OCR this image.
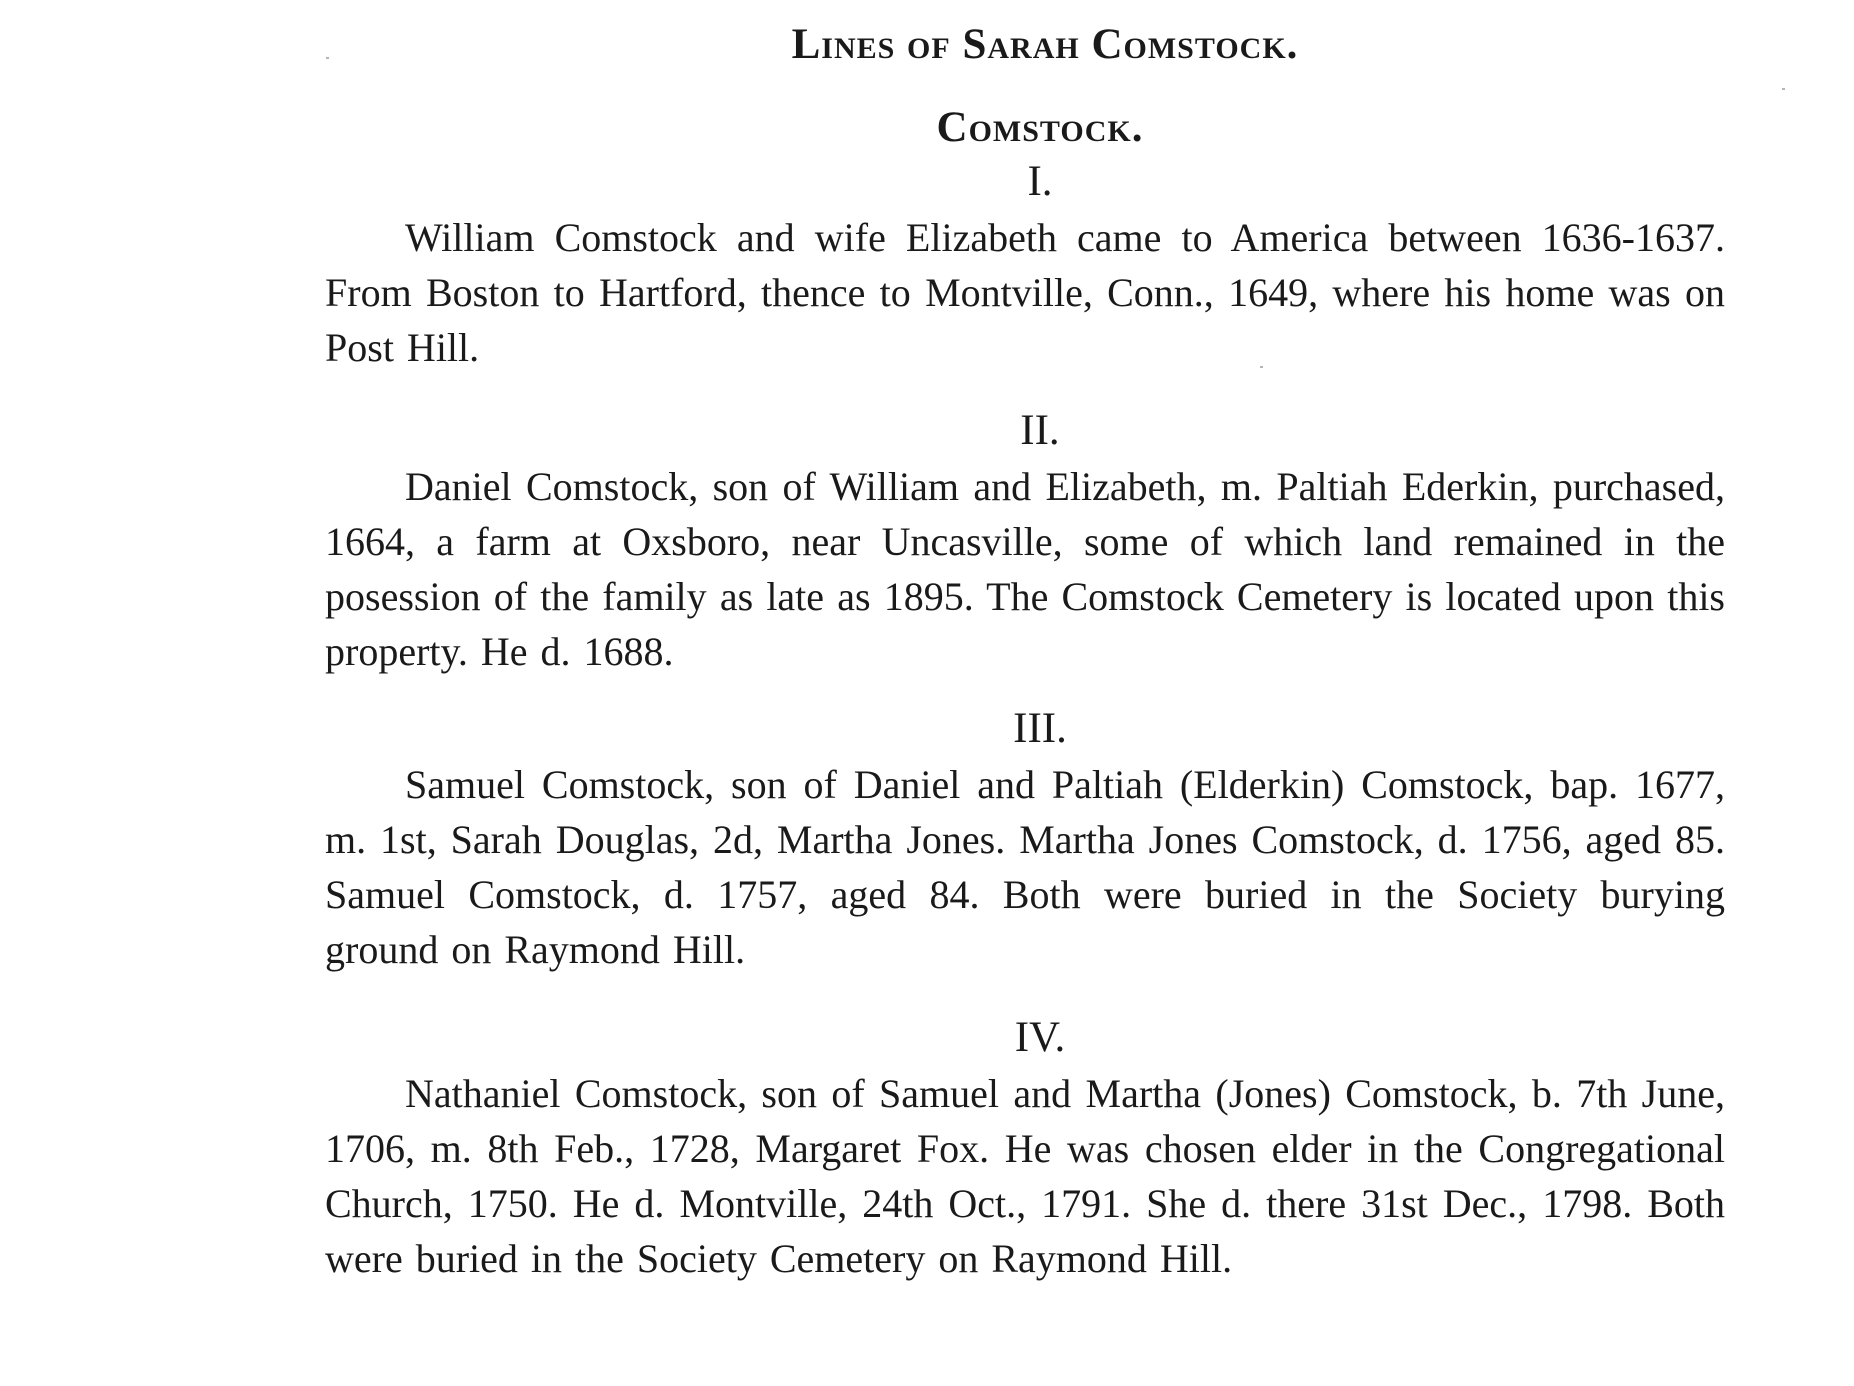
Lines of Sarah Comstock.
Comstock.
I.

William Comstock and wife Elizabeth came to America between 1636-1637. From Boston to Hartford, thence to Montville, Conn., 1649, where his home was on Post Hill.

II.

Daniel Comstock, son of William and Elizabeth, m. Paltiah Ederkin, purchased, 1664, a farm at Oxsboro, near Uncasville, some of which land remained in the posession of the family as late as 1895. The Comstock Cemetery is located upon this property. He d. 1688.

III.

Samuel Comstock, son of Daniel and Paltiah (Elderkin) Comstock, bap. 1677, m. 1st, Sarah Douglas, 2d, Martha Jones. Martha Jones Comstock, d. 1756, aged 85. Samuel Comstock, d. 1757, aged 84. Both were buried in the Society burying ground on Raymond Hill.

IV.

Nathaniel Comstock, son of Samuel and Martha (Jones) Comstock, b. 7th June, 1706, m. 8th Feb., 1728, Margaret Fox. He was chosen elder in the Congregational Church, 1750. He d. Montville, 24th Oct., 1791. She d. there 31st Dec., 1798. Both were buried in the Society Cemetery on Raymond Hill.
